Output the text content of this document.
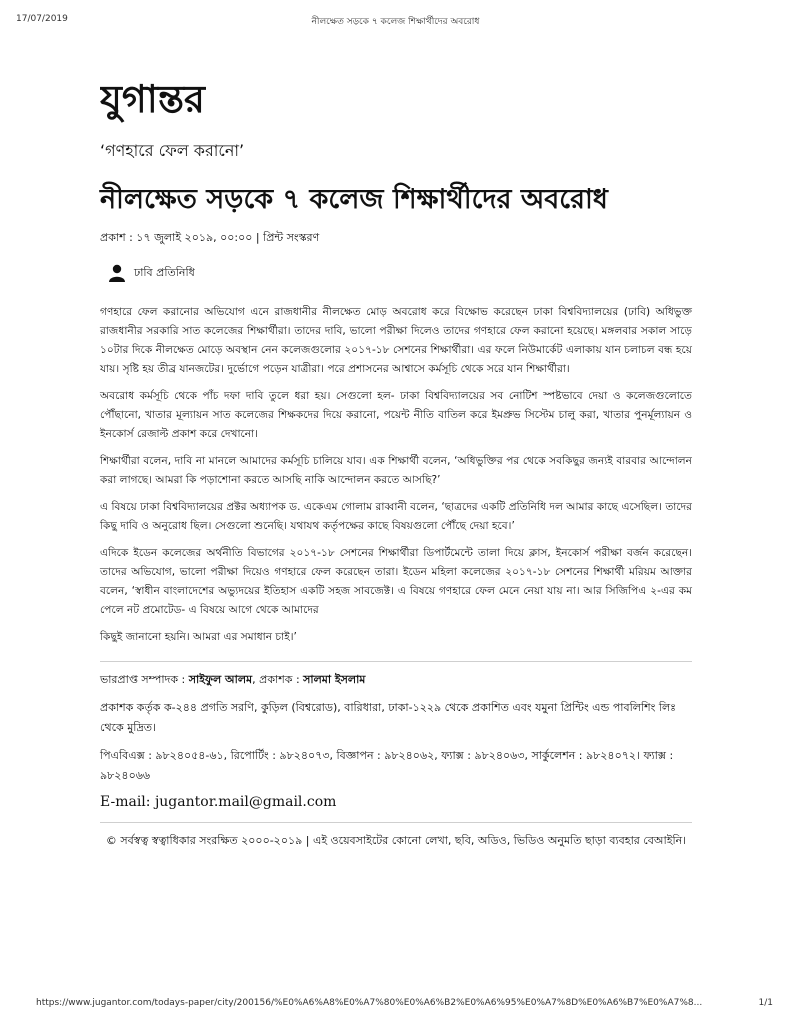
17/07/2019	নীলক্ষেত সড়কে ৭ কলেজ শিক্ষার্থীদের অবরোধ
যুগান্তর
‘গণহারে ফেল করানো’
নীলক্ষেত সড়কে ৭ কলেজ শিক্ষার্থীদের অবরোধ
প্রকাশ : ১৭ জুলাই ২০১৯, ০০:০০ | প্রিন্ট সংস্করণ
ঢাবি প্রতিনিধি

গণহারে ফেল করানোর অভিযোগ এনে রাজধানীর নীলক্ষেত মোড় অবরোধ করে বিক্ষোভ করেছেন ঢাকা বিশ্ববিদ্যালয়ের (ঢাবি) অধিভুক্ত রাজধানীর সরকারি সাত কলেজের শিক্ষার্থীরা। তাদের দাবি, ভালো পরীক্ষা দিলেও তাদের গণহারে ফেল করানো হয়েছে। মঙ্গলবার সকাল সাড়ে ১০টার দিকে নীলক্ষেত মোড়ে অবস্থান নেন কলেজগুলোর ২০১৭-১৮ সেশনের শিক্ষার্থীরা। এর ফলে নিউমার্কেট এলাকায় যান চলাচল বন্ধ হয়ে যায়। সৃষ্টি হয় তীব্র যানজটের। দুর্ভোগে পড়েন যাত্রীরা। পরে প্রশাসনের আশ্বাসে কর্মসূচি থেকে সরে যান শিক্ষার্থীরা।

অবরোধ কর্মসূচি থেকে পাঁচ দফা দাবি তুলে ধরা হয়। সেগুলো হল- ঢাকা বিশ্ববিদ্যালয়ের সব নোটিশ স্পষ্টভাবে দেয়া ও কলেজগুলোতে পৌঁছানো, খাতার মূল্যায়ন সাত কলেজের শিক্ষকদের দিয়ে করানো, পয়েন্ট নীতি বাতিল করে ইমপ্রুভ সিস্টেম চালু করা, খাতার পুনর্মূল্যায়ন ও ইনকোর্স রেজাল্ট প্রকাশ করে দেখানো।

শিক্ষার্থীরা বলেন, দাবি না মানলে আমাদের কর্মসূচি চালিয়ে যাব। এক শিক্ষার্থী বলেন, ‘অধিভুক্তির পর থেকে সবকিছুর জন্যই বারবার আন্দোলন করা লাগছে। আমরা কি পড়াশোনা করতে আসছি নাকি আন্দোলন করতে আসছি?’

এ বিষয়ে ঢাকা বিশ্ববিদ্যালয়ের প্রক্টর অধ্যাপক ড. একেএম গোলাম রাব্বানী বলেন, ‘ছাত্রদের একটি প্রতিনিধি দল আমার কাছে এসেছিল। তাদের কিছু দাবি ও অনুরোধ ছিল। সেগুলো শুনেছি। যথাযথ কর্তৃপক্ষের কাছে বিষয়গুলো পৌঁছে দেয়া হবে।’

এদিকে ইডেন কলেজের অর্থনীতি বিভাগের ২০১৭-১৮ সেশনের শিক্ষার্থীরা ডিপার্টমেন্টে তালা দিয়ে ক্লাস, ইনকোর্স পরীক্ষা বর্জন করেছেন। তাদের অভিযোগ, ভালো পরীক্ষা দিয়েও গণহারে ফেল করেছেন তারা। ইডেন মহিলা কলেজের ২০১৭-১৮ সেশনের শিক্ষার্থী মরিয়ম আক্তার বলেন, ‘স্বাধীন বাংলাদেশের অভ্যুদয়ের ইতিহাস একটি সহজ সাবজেক্ট। এ বিষয়ে গণহারে ফেল মেনে নেয়া যায় না। আর সিজিপিএ ২-এর কম পেলে নট প্রমোটেড- এ বিষয়ে আগে থেকে আমাদের

কিছুই জানানো হয়নি। আমরা এর সমাধান চাই।’

ভারপ্রাপ্ত সম্পাদক : সাইফুল আলম, প্রকাশক : সালমা ইসলাম
প্রকাশক কর্তৃক ক-২৪৪ প্রগতি সরণি, কুড়িল (বিশ্বরোড), বারিধারা, ঢাকা-১২২৯ থেকে প্রকাশিত এবং যমুনা প্রিন্টিং এন্ড পাবলিশিং লিঃ থেকে মুদ্রিত।
পিএবিএক্স : ৯৮২৪০৫৪-৬১, রিপোর্টিং : ৯৮২৪০৭৩, বিজ্ঞাপন : ৯৮২৪০৬২, ফ্যাক্স : ৯৮২৪০৬৩, সার্কুলেশন : ৯৮২৪০৭২। ফ্যাক্স : ৯৮২৪০৬৬
E-mail: jugantor.mail@gmail.com
© সর্বস্বত্ব স্বত্বাধিকার সংরক্ষিত ২০০০-২০১৯ | এই ওয়েবসাইটের কোনো লেখা, ছবি, অডিও, ভিডিও অনুমতি ছাড়া ব্যবহার বেআইনি।
https://www.jugantor.com/todays-paper/city/200156/%E0%A6%A8%E0%A7%80%E0%A6%B2%E0%A6%95%E0%A7%8D%E0%A6%B7%E0%A7%8...	1/1
